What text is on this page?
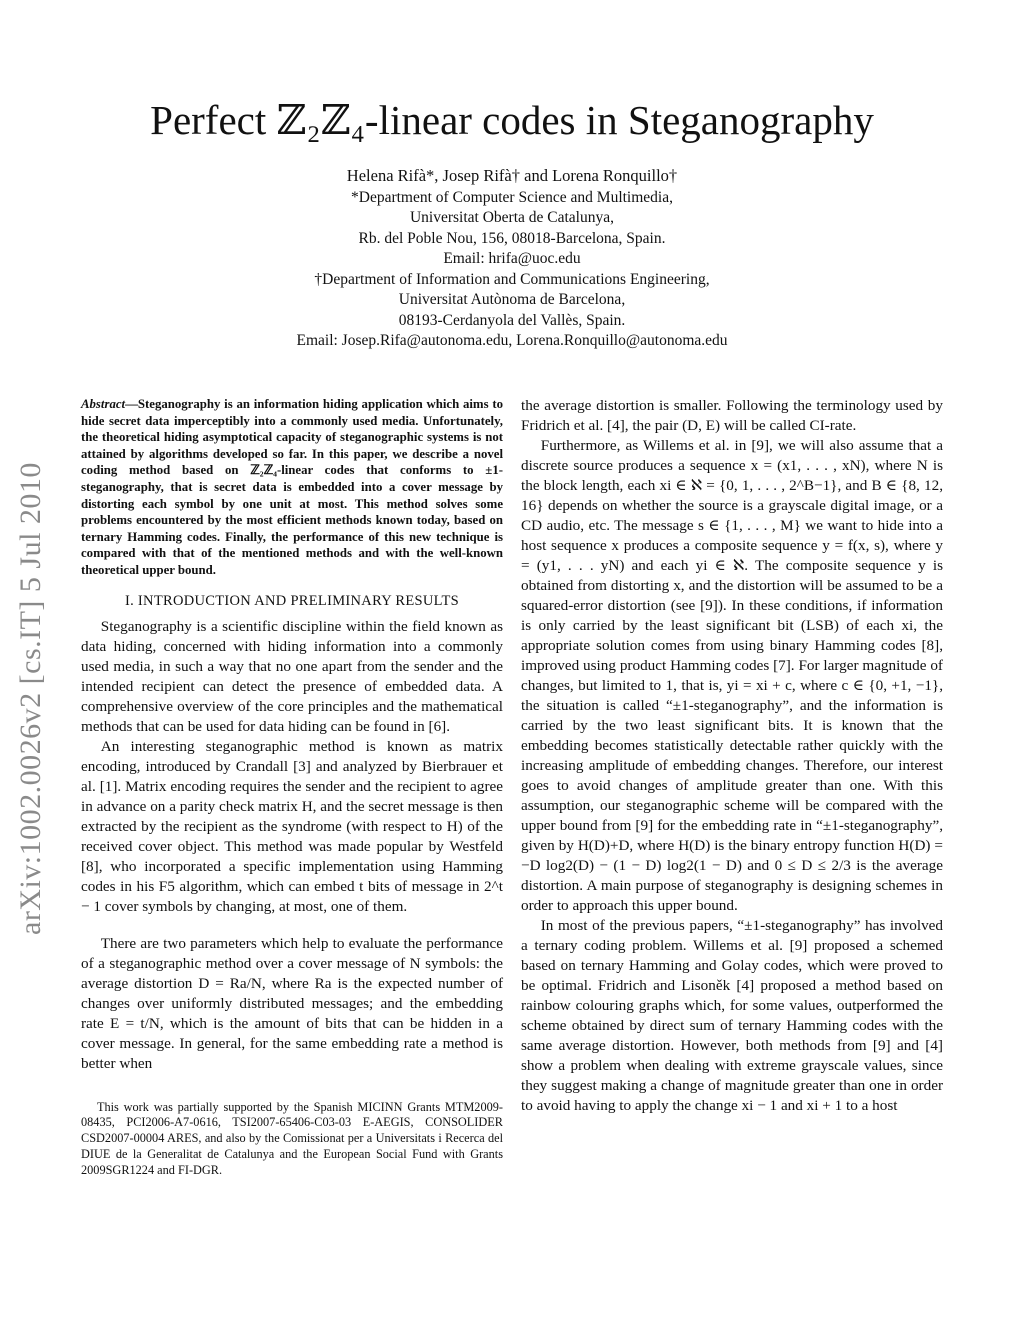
Perfect ℤ₂ℤ₄-linear codes in Steganography
Helena Rifà*, Josep Rifà† and Lorena Ronquillo†
*Department of Computer Science and Multimedia,
Universitat Oberta de Catalunya,
Rb. del Poble Nou, 156, 08018-Barcelona, Spain.
Email: hrifa@uoc.edu
†Department of Information and Communications Engineering,
Universitat Autònoma de Barcelona,
08193-Cerdanyola del Vallès, Spain.
Email: Josep.Rifa@autonoma.edu, Lorena.Ronquillo@autonoma.edu
arXiv:1002.0026v2 [cs.IT] 5 Jul 2010
Abstract—Steganography is an information hiding application which aims to hide secret data imperceptibly into a commonly used media. Unfortunately, the theoretical hiding asymptotical capacity of steganographic systems is not attained by algorithms developed so far. In this paper, we describe a novel coding method based on ℤ₂ℤ₄-linear codes that conforms to ±1-steganography, that is secret data is embedded into a cover message by distorting each symbol by one unit at most. This method solves some problems encountered by the most efficient methods known today, based on ternary Hamming codes. Finally, the performance of this new technique is compared with that of the mentioned methods and with the well-known theoretical upper bound.
I. INTRODUCTION AND PRELIMINARY RESULTS

Steganography is a scientific discipline within the field known as data hiding, concerned with hiding information into a commonly used media, in such a way that no one apart from the sender and the intended recipient can detect the presence of embedded data. A comprehensive overview of the core principles and the mathematical methods that can be used for data hiding can be found in [6].

An interesting steganographic method is known as matrix encoding, introduced by Crandall [3] and analyzed by Bierbrauer et al. [1]. Matrix encoding requires the sender and the recipient to agree in advance on a parity check matrix H, and the secret message is then extracted by the recipient as the syndrome (with respect to H) of the received cover object. This method was made popular by Westfeld [8], who incorporated a specific implementation using Hamming codes in his F5 algorithm, which can embed t bits of message in 2^t − 1 cover symbols by changing, at most, one of them.

There are two parameters which help to evaluate the performance of a steganographic method over a cover message of N symbols: the average distortion D = Ra/N, where Ra is the expected number of changes over uniformly distributed messages; and the embedding rate E = t/N, which is the amount of bits that can be hidden in a cover message. In general, for the same embedding rate a method is better when

This work was partially supported by the Spanish MICINN Grants MTM2009-08435, PCI2006-A7-0616, TSI2007-65406-C03-03 E-AEGIS, CONSOLIDER CSD2007-00004 ARES, and also by the Comissionat per a Universitats i Recerca del DIUE de la Generalitat de Catalunya and the European Social Fund with Grants 2009SGR1224 and FI-DGR.

the average distortion is smaller. Following the terminology used by Fridrich et al. [4], the pair (D, E) will be called CI-rate.

Furthermore, as Willems et al. in [9], we will also assume that a discrete source produces a sequence x = (x1, . . . , xN), where N is the block length, each xi ∈ ℵ = {0, 1, . . . , 2^B−1}, and B ∈ {8, 12, 16} depends on whether the source is a grayscale digital image, or a CD audio, etc. The message s ∈ {1, . . . , M} we want to hide into a host sequence x produces a composite sequence y = f(x, s), where y = (y1, . . . yN) and each yi ∈ ℵ. The composite sequence y is obtained from distorting x, and the distortion will be assumed to be a squared-error distortion (see [9]). In these conditions, if information is only carried by the least significant bit (LSB) of each xi, the appropriate solution comes from using binary Hamming codes [8], improved using product Hamming codes [7]. For larger magnitude of changes, but limited to 1, that is, yi = xi + c, where c ∈ {0, +1, −1}, the situation is called “±1-steganography”, and the information is carried by the two least significant bits. It is known that the embedding becomes statistically detectable rather quickly with the increasing amplitude of embedding changes. Therefore, our interest goes to avoid changes of amplitude greater than one. With this assumption, our steganographic scheme will be compared with the upper bound from [9] for the embedding rate in “±1-steganography”, given by H(D)+D, where H(D) is the binary entropy function H(D) = −D log2(D) − (1 − D) log2(1 − D) and 0 ≤ D ≤ 2/3 is the average distortion. A main purpose of steganography is designing schemes in order to approach this upper bound.

In most of the previous papers, “±1-steganography” has involved a ternary coding problem. Willems et al. [9] proposed a schemed based on ternary Hamming and Golay codes, which were proved to be optimal. Fridrich and Lisoněk [4] proposed a method based on rainbow colouring graphs which, for some values, outperformed the scheme obtained by direct sum of ternary Hamming codes with the same average distortion. However, both methods from [9] and [4] show a problem when dealing with extreme grayscale values, since they suggest making a change of magnitude greater than one in order to avoid having to apply the change xi − 1 and xi + 1 to a host
